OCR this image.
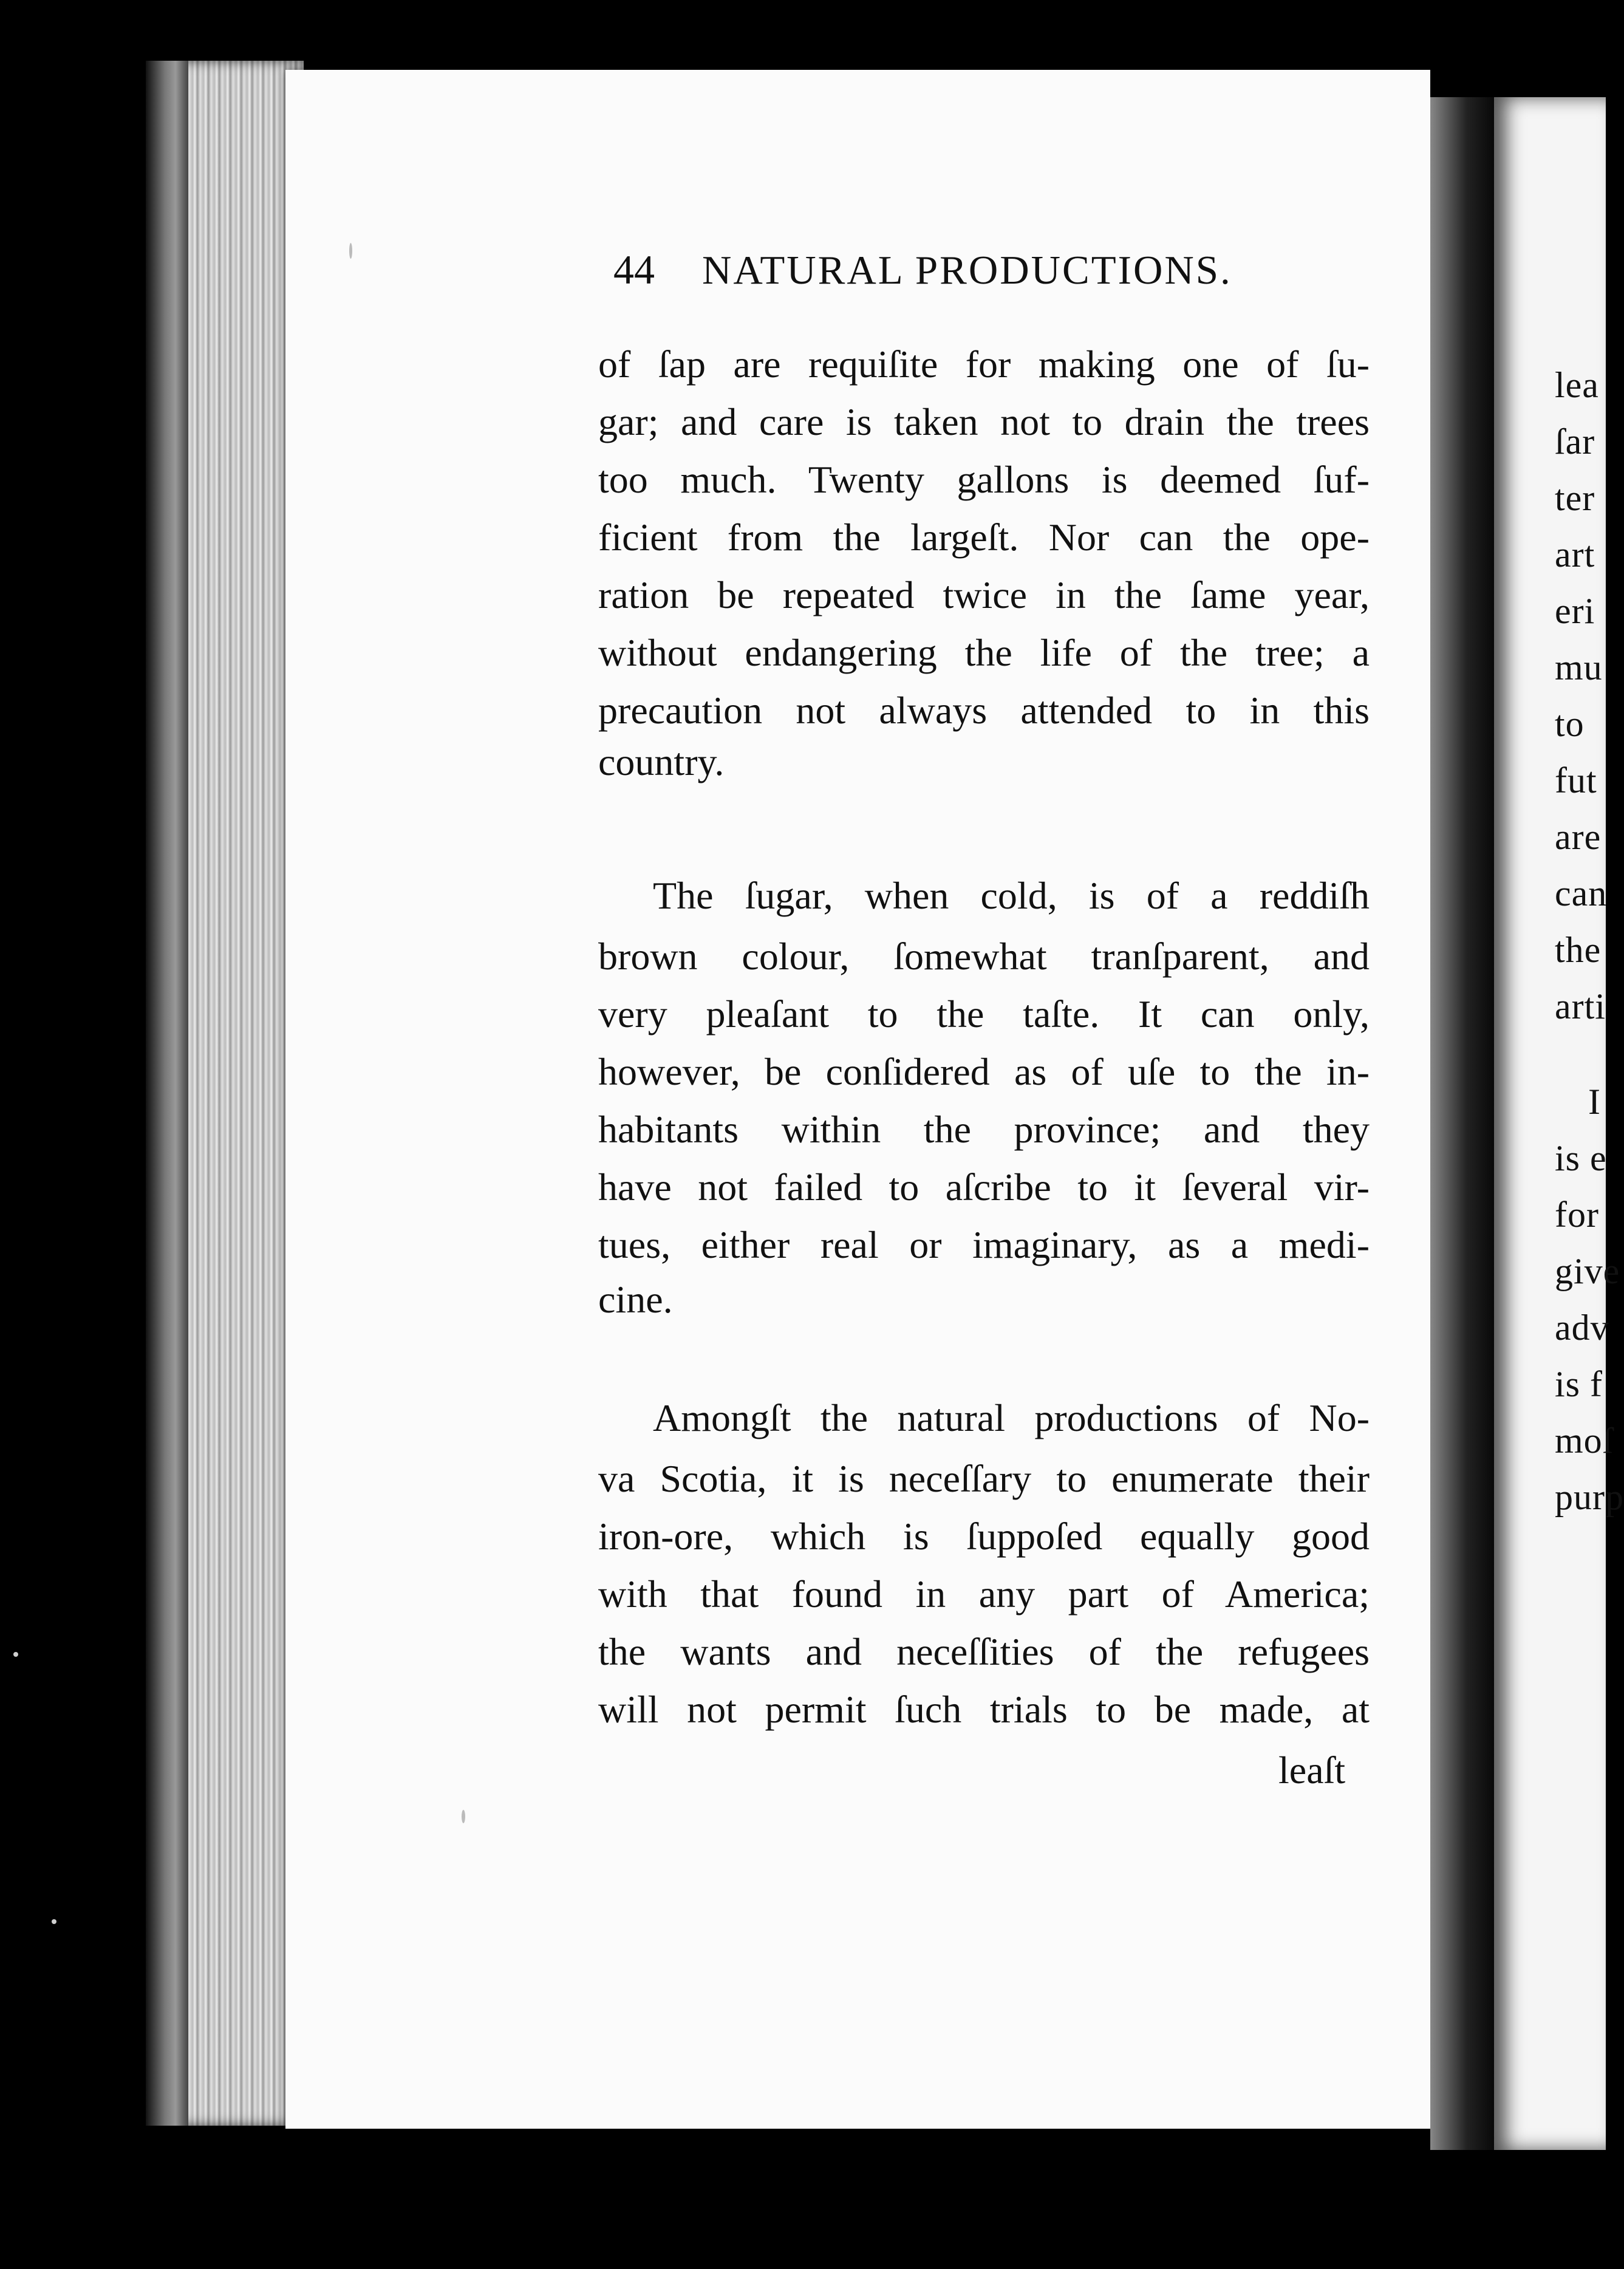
lea
ſar
ter
art
eri
mu
to
fut
are
can
the
arti
I
is e
for
give
adv
is f
moſ
purp
44 NATURAL PRODUCTIONS.
of ſap are requiſite for making one of ſu-
gar; and care is taken not to drain the trees
too much. Twenty gallons is deemed ſuf-
ficient from the largeſt. Nor can the ope-
ration be repeated twice in the ſame year,
without endangering the life of the tree; a
precaution not always attended to in this
country.
The ſugar, when cold, is of a reddiſh
brown colour, ſomewhat tranſparent, and
very pleaſant to the taſte. It can only,
however, be conſidered as of uſe to the in-
habitants within the province; and they
have not failed to aſcribe to it ſeveral vir-
tues, either real or imaginary, as a medi-
cine.
Amongſt the natural productions of No-
va Scotia, it is neceſſary to enumerate their
iron-ore, which is ſuppoſed equally good
with that found in any part of America;
the wants and neceſſities of the refugees
will not permit ſuch trials to be made, at
leaſt
